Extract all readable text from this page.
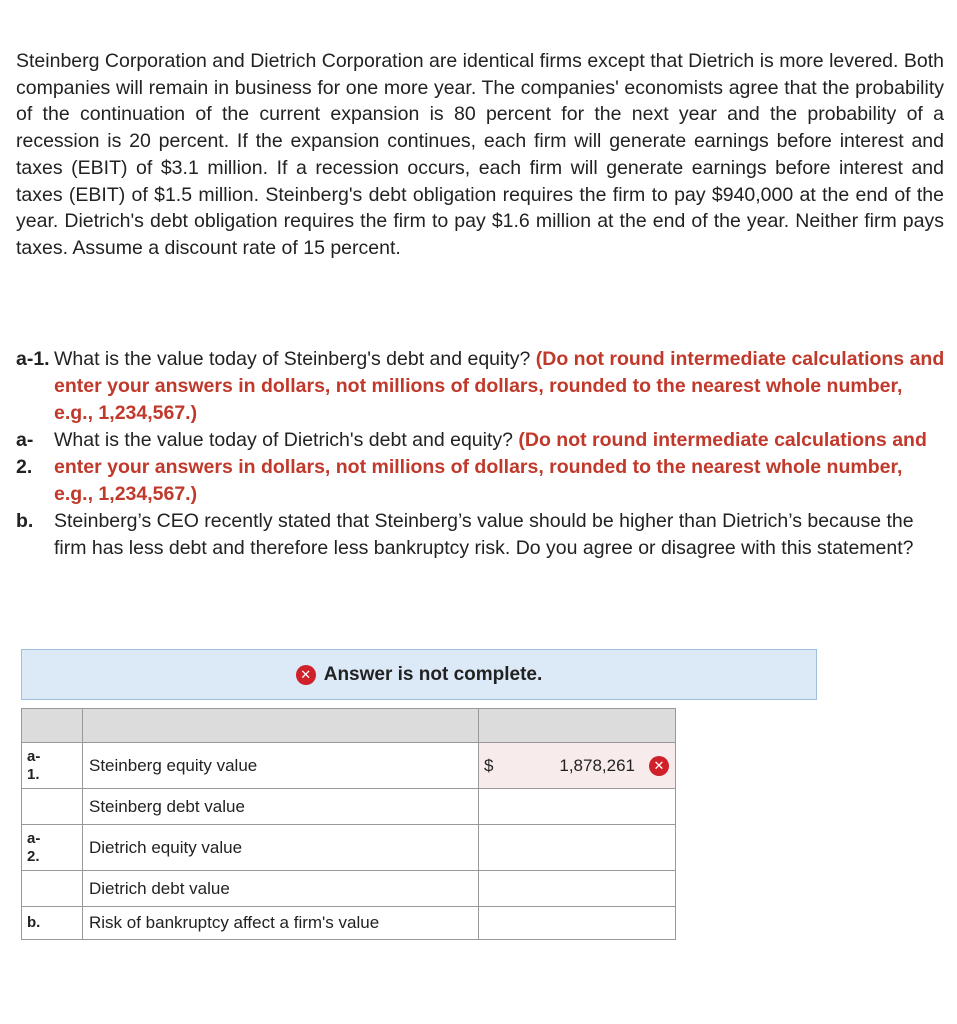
Steinberg Corporation and Dietrich Corporation are identical firms except that Dietrich is more levered. Both companies will remain in business for one more year. The companies' economists agree that the probability of the continuation of the current expansion is 80 percent for the next year and the probability of a recession is 20 percent. If the expansion continues, each firm will generate earnings before interest and taxes (EBIT) of $3.1 million. If a recession occurs, each firm will generate earnings before interest and taxes (EBIT) of $1.5 million. Steinberg's debt obligation requires the firm to pay $940,000 at the end of the year. Dietrich's debt obligation requires the firm to pay $1.6 million at the end of the year. Neither firm pays taxes. Assume a discount rate of 15 percent.

a-1. What is the value today of Steinberg's debt and equity? (Do not round intermediate calculations and enter your answers in dollars, not millions of dollars, rounded to the nearest whole number, e.g., 1,234,567.)
a-
2.
What is the value today of Dietrich's debt and equity? (Do not round intermediate calculations and enter your answers in dollars, not millions of dollars, rounded to the nearest whole number, e.g., 1,234,567.)
b. Steinberg’s CEO recently stated that Steinberg’s value should be higher than Dietrich’s because the firm has less debt and therefore less bankruptcy risk. Do you agree or disagree with this statement?
✕ Answer is not complete.

a-
1.	Steinberg equity value	$ 1,878,261 ✕

	Steinberg debt value	
a-
2.	Dietrich equity value	
	Dietrich debt value	
b.	Risk of bankruptcy affect a firm's value	
